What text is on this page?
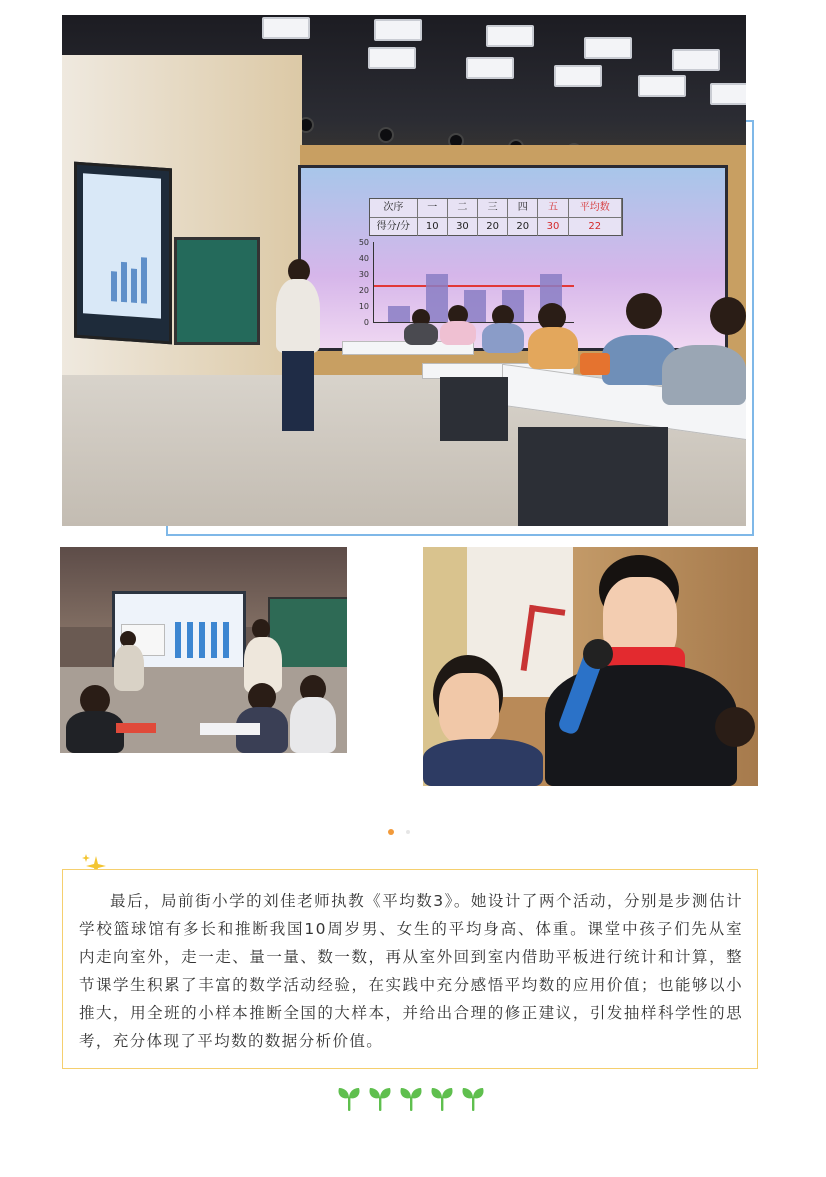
次序	一	二	三	四	五	平均数
得分/分	10	30	20	20	30	22
50
40
30
20
10
0

最后，局前街小学的刘佳老师执教《平均数3》。她设计了两个活动，分别是步测估计学校篮球馆有多长和推断我国10周岁男、女生的平均身高、体重。课堂中孩子们先从室内走向室外，走一走、量一量、数一数，再从室外回到室内借助平板进行统计和计算，整节课学生积累了丰富的数学活动经验，在实践中充分感悟平均数的应用价值；也能够以小推大，用全班的小样本推断全国的大样本，并给出合理的修正建议，引发抽样科学性的思考，充分体现了平均数的数据分析价值。
